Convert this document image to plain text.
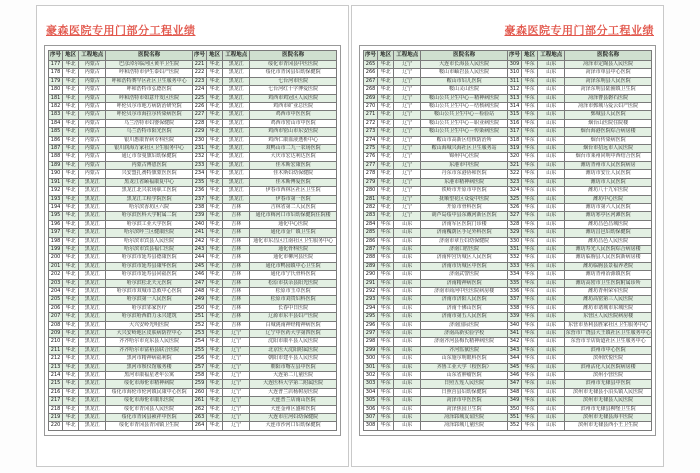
豪森医院专用门部分工程业绩
序号	地区	工程地点	医院名称	序号	地区	工程地点	医院名称
177	华北	内蒙古	巴彦淖尔临河区黄羊卫生院	221	华北	黑龙江	绥化市青冈县中医医院
178	华北	内蒙古	呼和浩特市伊生泰妇产医院	222	华北	黑龙江	绥化市青冈县妇幼保健院
179	华北	内蒙古	呼和浩特赛罕区社区卫生服务中心	223	华北	黑龙江	七台河市医院
180	华北	内蒙古	呼和浩特市弘德医院	224	华北	黑龙江	七台河红十字博爱医院
181	华北	内蒙古	呼和浩特市如意开发区医院	225	华北	黑龙江	鸡西市鸡冠区人民医院
182	华北	内蒙古	呼伦贝尔市地方病防治研究院	226	华北	黑龙江	鸡西市矿业总医院
183	华北	内蒙古	呼伦贝尔市海拉尔传染病医院	227	华北	黑龙江	鸡西市中医医院
184	华北	内蒙古	乌兰浩特市妇婴保健院	228	华北	黑龙江	鸡西市密山市中医院
185	华北	内蒙古	乌兰浩特市阳光医院	229	华北	黑龙江	鸡西市密山市东安医院
186	华北	内蒙古	银川惠康胃病专科医院	230	华北	黑龙江	鸡西仁康血液透析中心
187	华北	内蒙古	银川润海万家社区卫生服务中心	231	华北	黑龙江	双鸭山市二九一农场医院
188	华北	内蒙古	通辽市奈曼旗妇幼保健院	232	华北	黑龙江	大庆市宏达利达医院
189	华北	内蒙古	内蒙古博恩医院	233	华北	黑龙江	佳木斯宏康医院
190	华北	内蒙古	兴安盟扎赉特旗蒙医医院	234	华北	黑龙江	佳木斯妇幼保健院
191	华北	黑龙江	黑龙江省颐福康复中心	235	华北	黑龙江	佳木斯博爱医院
192	华北	黑龙江	黑龙江北兴农场职工医院	236	华北	黑龙江	伊春市西林区社区卫生院
193	华北	黑龙江	黑龙江工程学院医院	237	华北	黑龙江	伊春市第一医院
194	华北	黑龙江	哈尔滨香坊区六院	238	华北	吉林	吉林省第二人民医院
195	华北	黑龙江	哈尔滨医科大学附属二院	239	华北	吉林	通化市梅河口市妇幼保健院住院楼
196	华北	黑龙江	哈尔滨工业大学医院	240	华北	吉林	通化中心医院
197	华北	黑龙江	哈尔滨呼兰区健康医院	241	华北	吉林	通化市金厂镇卫生院
198	华北	黑龙江	哈尔滨市宾县人民医院	242	华北	吉林	通化市东昌区江南社区卫生服务中心
199	华北	黑龙江	哈尔滨市宾县福仁医院	243	华北	吉林	通化骨科医院
200	华北	黑龙江	哈尔滨市延寿县德康医院	244	华北	吉林	通化市柳河县医院
201	华北	黑龙江	哈尔滨市延寿县康华医院	245	华北	吉林	通化市鸭园镇中心卫生院
202	华北	黑龙江	哈尔滨市延寿县同福医院	246	华北	吉林	通化市宁氏骨科医院
203	华北	黑龙江	哈尔滨松北天元医院	247	华北	吉林	松原市扶余县阳光医院
204	华北	黑龙江	哈尔滨市双城市急救中心医院	248	华北	吉林	松原市玉卓医院
205	华北	黑龙江	哈尔滨第一人民医院	249	华北	吉林	松原市刘贵妇科医院
206	华北	黑龙江	哈尔滨邻家医疗	250	华北	吉林	长春中日医院
207	华北	黑龙江	哈尔滨哈西群力永兴建筑	251	华北	吉林	辽源市东丰县妇产医院
208	华北	黑龙江	大兴安岭光明医院	252	华北	吉林	白城洮南神经精神病医院
209	华北	黑龙江	大兴安岭地区皮肤病防控中心	253	华北	辽宁	辽宁中医药大学第四医院
210	华北	黑龙江	齐齐哈尔市克东县人民医院	254	华北	辽宁	沈阳市康平县人民医院
211	华北	黑龙江	齐齐哈尔市富裕县联合医院	255	华北	辽宁	北京医大沈阳附属医院
212	华北	黑龙江	黑河市精神病福利院	256	华北	辽宁	朝阳市建平县人民医院
213	华北	黑龙江	黑河市殡仪馆服务楼	257	华北	辽宁	朝阳市喀左县中医院
214	华北	黑龙江	黑河市康福星老年公寓	258	华北	辽宁	大连第二儿童医院
215	华北	黑龙江	绥化市海伦市精神病院	259	华北	辽宁	大连医科大学第二附属医院
216	华北	黑龙江	绥化市海伦市伦河镇民康中心医院	260	华北	辽宁	大连普兰店杨树房医院
217	华北	黑龙江	绥化市海伦市康乐医院	261	华北	辽宁	大连普兰店南山医院
218	华北	黑龙江	绥化市青冈县人民医院	262	华北	辽宁	大连金州区盛和医院
219	华北	黑龙江	绥化市青冈县祯祥中医院	263	华北	辽宁	大连市庄河妇幼保健院
220	华北	黑龙江	绥化市青冈县青冈镇卫生院	264	华北	辽宁	大连市沙河口妇幼保健院
豪森医院专用门部分工程业绩
序号	地区	工程地点	医院名称	序号	地区	工程地点	医院名称
265	华北	辽宁	大连市长海县人民医院	309	华东	山东	菏泽市定陶县人民医院
266	华北	辽宁	鞍山市岫岩县人民医院	310	华东	山东	菏泽市单县中心医院
267	华北	辽宁	鞍山市妇儿医院	311	华东	山东	菏泽东明县人民医院
268	华北	辽宁	鞍山灵山医院	312	华东	山东	菏泽东明县陆圈镇卫生院
269	华北	辽宁	鞍山公共卫生中心－精神病医院	313	华东	山东	菏泽曹县磐石医院
270	华北	辽宁	鞍山公共卫生中心－结核病医院	314	华东	山东	菏泽市鄄城马爱云妇产医院
271	华北	辽宁	鞍山公共卫生中心－检验站	315	华东	山东	鄄城县人民医院
272	华北	辽宁	鞍山公共卫生中心－职业病医院	316	华东	山东	烟台山医院住院楼
273	华北	辽宁	鞍山公共卫生中心－传染病医院	317	华东	山东	烟台海港医院综合病房楼
274	华北	辽宁	鞍山市高新区结核防治所	318	华东	山东	烟台传染病医院
275	华北	辽宁	鞍山海城兴海社区卫生服务站	319	华东	山东	烟台市招远市人民医院
276	华北	辽宁	锦州中心医院	320	华东	山东	烟台市莱州同明中西结合医院
277	华北	辽宁	东港市中医院	321	华东	山东	潍坊青州市人民医院病房
278	华北	辽宁	丹东市东港协和医院	322	华东	山东	潍坊市安丘人民医院
279	华北	辽宁	东港市精神病医院	323	华东	山东	潍坊市人民医院
280	华北	辽宁	铁岭市开原市中医院	324	华东	山东	潍坊八十九军医院
281	华北	辽宁	抚顺望花区众爱中医院	325	华东	山东	潍坊中心医院
282	华北	辽宁	开原市骨科医院	326	华东	山东	潍坊市第六人民医院
283	华北	辽宁	葫芦岛绥中县东戴河新区医院	327	华东	山东	潍坊寒亭区河滩医院
284	华东	山东	济南军区医院门诊楼	328	华东	山东	潍坊昌邑昌城医院
285	华东	山东	济南槐荫区手足外科医院	329	华东	山东	潍坊昌邑妇幼保健院
286	华东	山东	济南市章丘妇幼保健院	330	华东	山东	潍坊昌邑人民医院
287	华东	山东	济南口腔医院	331	华东	山东	潍坊寿光人民医院综合病房楼
288	华东	山东	济南仲宫历城区人民医院	332	华东	山东	潍坊临朐县人民医院新病房楼
289	华东	山东	济南市历城区中医院	333	华东	山东	潍坊临朐县景福养老院
290	华东	山东	济南武警医院	334	华东	山东	潍坊青州冶源镇医院
291	华东	山东	济南精神病医院	335	华东	山东	潍坊高密市卫生医院附属诊所
292	华东	山东	济南市商河中医医院病房楼	336	华东	山东	潍坊青州荣军医院
293	华东	山东	济南市济阳人民医院	337	华东	山东	潍坊高密第三人民医院
294	华东	山东	济南千佛山医院	338	华东	山东	潍坊市诸城市东城医院
295	华东	山东	济南市第五人民医院	339	华东	山东	东营区人民医院病房楼
296	华东	山东	济南国际医院	340	华东	山东	东营市垦利县胜家社区卫生服务中心
297	华东	山东	济南高新实验学校	341	华东	山东	东营市广饶县大王镇社区卫生服务中心
298	华东	山东	济南齐河县梅氏精神病医院	342	华东	山东	东营市辛店街道社区卫生服务中心
299	华东	山东	齐河监狱医院	343	华东	山东	滨州市中心医院
300	华东	山东	山东施尔明眼科医院	344	华东	山东	滨州欣悦医院
301	华东	山东	齐鲁工业大学（校医院）	345	华东	山东	滨州沾化人民医院病房楼
302	华东	山东	山东省肿瘤医院	346	华东	山东	滨州小营医院
303	华东	山东	日照五莲人民医院	347	华东	山东	滨州市无棣县中医院
304	华东	山东	日照莒县妇幼保健院	348	华东	山东	滨州市无棣县小泊头镇人民医院
305	华东	山东	菏泽市中医医院	349	华东	山东	滨州市无棣县人民医院
306	华东	山东	菏泽焦园卫生院	350	华东	山东	滨州市无棣县柳堡卫生院
307	华东	山东	菏泽郓城友谊医院	351	华东	山东	滨州市无棣县海丰医院
308	华东	山东	菏泽郓城儿童医院	352	华东	山东	滨州市无棣县西小王卫生院
